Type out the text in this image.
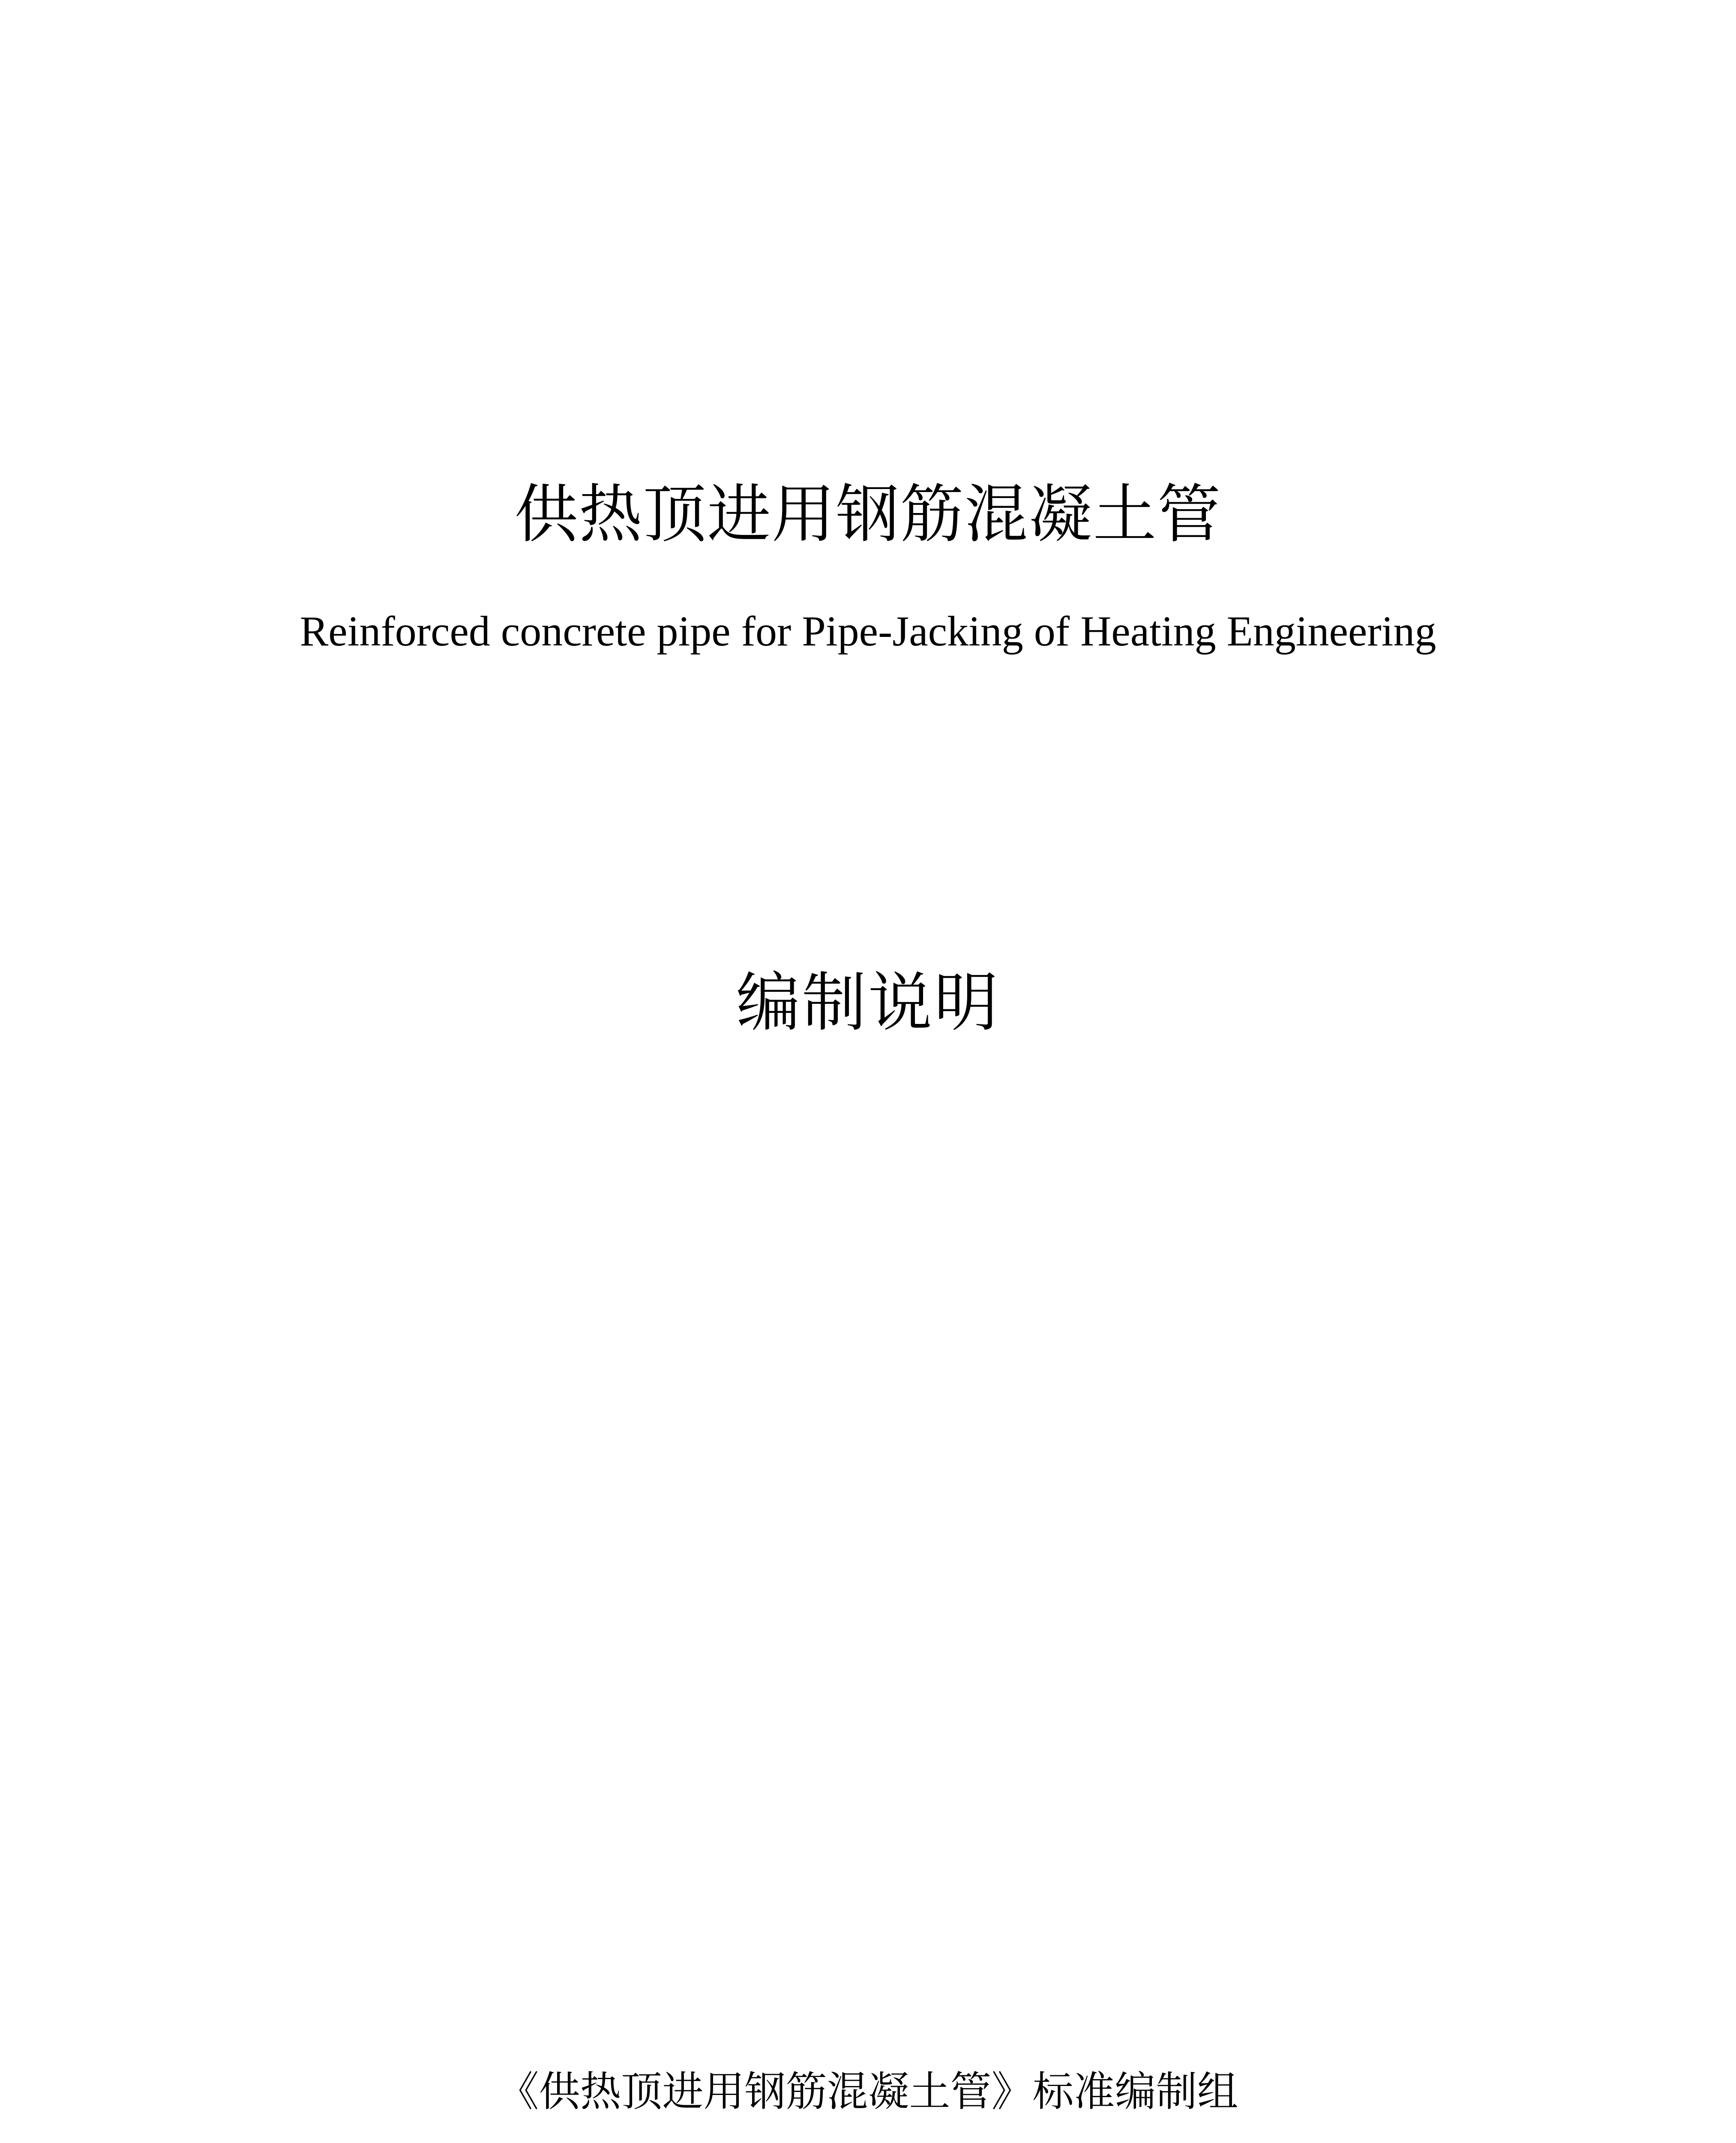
供热顶进用钢筋混凝土管
Reinforced concrete pipe for Pipe-Jacking of Heating Engineering
编制说明
《供热顶进用钢筋混凝土管》标准编制组
